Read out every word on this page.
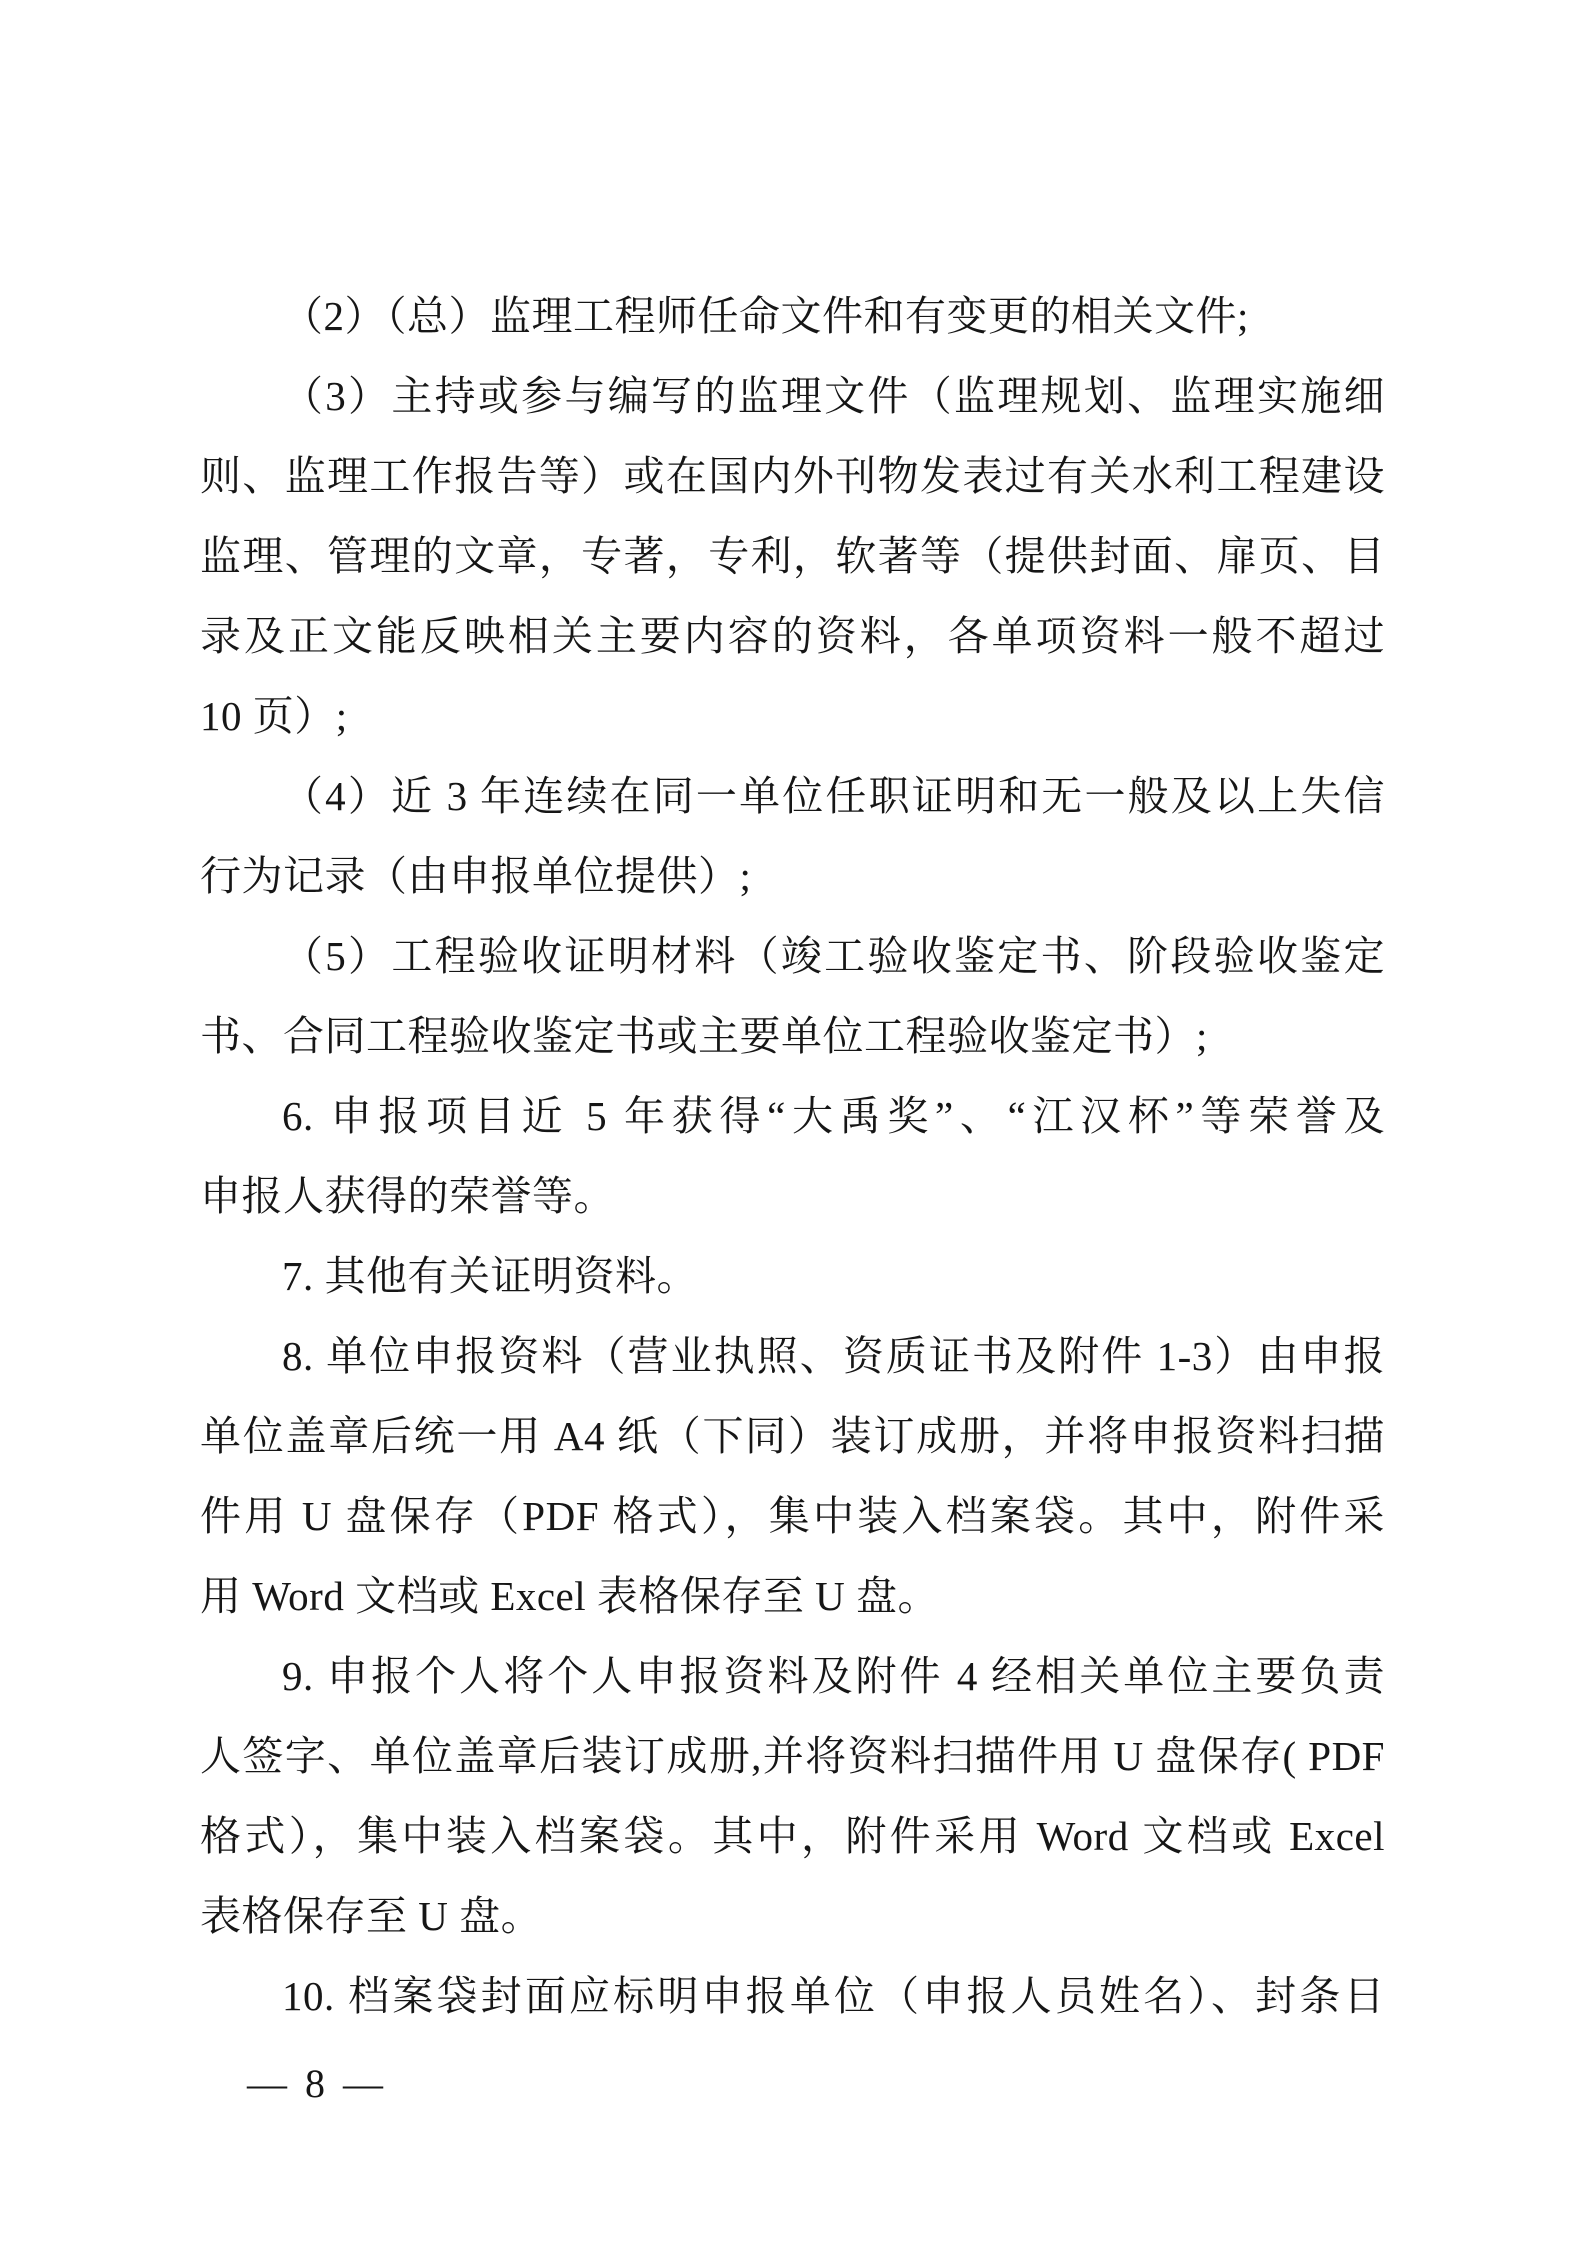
（2）（总）监理工程师任命文件和有变更的相关文件;
（3）主持或参与编写的监理文件（监理规划、监理实施细
则、监理工作报告等）或在国内外刊物发表过有关水利工程建设
监理、管理的文章，专著，专利，软著等（提供封面、扉页、目
录及正文能反映相关主要内容的资料，各单项资料一般不超过
10 页）;
（4）近 3 年连续在同一单位任职证明和无一般及以上失信
行为记录（由申报单位提供）;
（5）工程验收证明材料（竣工验收鉴定书、阶段验收鉴定
书、合同工程验收鉴定书或主要单位工程验收鉴定书）;
6. 申报项目近 5 年获得“大禹奖”、“江汉杯”等荣誉及
申报人获得的荣誉等。
7. 其他有关证明资料。
8. 单位申报资料（营业执照、资质证书及附件 1-3）由申报
单位盖章后统一用 A4 纸（下同）装订成册，并将申报资料扫描
件用 U 盘保存（PDF 格式），集中装入档案袋。其中，附件采
用 Word 文档或 Excel 表格保存至 U 盘。
9. 申报个人将个人申报资料及附件 4 经相关单位主要负责
人签字、单位盖章后装订成册,并将资料扫描件用 U 盘保存( PDF
格式），集中装入档案袋。其中，附件采用 Word 文档或 Excel
表格保存至 U 盘。
10. 档案袋封面应标明申报单位（申报人员姓名）、封条日
— 8 —
